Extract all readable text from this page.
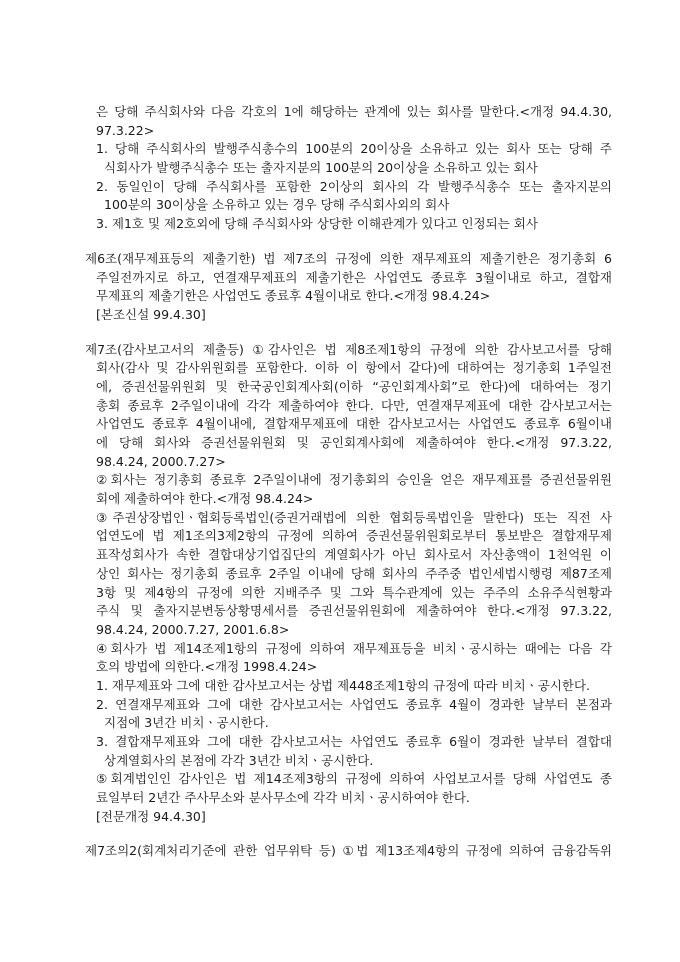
은 당해 주식회사와 다음 각호의 1에 해당하는 관계에 있는 회사를 말한다.<개정 94.4.30,
97.3.22>
1. 당해 주식회사의 발행주식총수의 100분의 20이상을 소유하고 있는 회사 또는 당해 주
식회사가 발행주식총수 또는 출자지분의 100분의 20이상을 소유하고 있는 회사
2. 동일인이 당해 주식회사를 포함한 2이상의 회사의 각 발행주식총수 또는 출자지분의
100분의 30이상을 소유하고 있는 경우 당해 주식회사외의 회사
3. 제1호 및 제2호외에 당해 주식회사와 상당한 이해관계가 있다고 인정되는 회사
제6조(재무제표등의 제출기한) 법 제7조의 규정에 의한 재무제표의 제출기한은 정기총회 6
주일전까지로 하고, 연결재무제표의 제출기한은 사업연도 종료후 3월이내로 하고, 결합재
무제표의 제출기한은 사업연도 종료후 4월이내로 한다.<개정 98.4.24>
[본조신설 99.4.30]
제7조(감사보고서의 제출등) ①감사인은 법 제8조제1항의 규정에 의한 감사보고서를 당해
회사(감사 및 감사위원회를 포함한다. 이하 이 항에서 같다)에 대하여는 정기총회 1주일전
에, 증권선물위원회 및 한국공인회계사회(이하 “공인회계사회”로 한다)에 대하여는 정기
총회 종료후 2주일이내에 각각 제출하여야 한다. 다만, 연결재무제표에 대한 감사보고서는
사업연도 종료후 4월이내에, 결합재무제표에 대한 감사보고서는 사업연도 종료후 6월이내
에 당해 회사와 증권선물위원회 및 공인회계사회에 제출하여야 한다.<개정 97.3.22,
98.4.24, 2000.7.27>
②회사는 정기총회 종료후 2주일이내에 정기총회의 승인을 얻은 재무제표를 증권선물위원
회에 제출하여야 한다.<개정 98.4.24>
③주권상장법인ㆍ협회등록법인(증권거래법에 의한 협회등록법인을 말한다) 또는 직전 사
업연도에 법 제1조의3제2항의 규정에 의하여 증권선물위원회로부터 통보받은 결합재무제
표작성회사가 속한 결합대상기업집단의 계열회사가 아닌 회사로서 자산총액이 1천억원 이
상인 회사는 정기총회 종료후 2주일 이내에 당해 회사의 주주중 법인세법시행령 제87조제
3항 및 제4항의 규정에 의한 지배주주 및 그와 특수관계에 있는 주주의 소유주식현황과
주식 및 출자지분변동상황명세서를 증권선물위원회에 제출하여야 한다.<개정 97.3.22,
98.4.24, 2000.7.27, 2001.6.8>
④회사가 법 제14조제1항의 규정에 의하여 재무제표등을 비치ㆍ공시하는 때에는 다음 각
호의 방법에 의한다.<개정 1998.4.24>
1. 재무제표와 그에 대한 감사보고서는 상법 제448조제1항의 규정에 따라 비치ㆍ공시한다.
2. 연결재무제표와 그에 대한 감사보고서는 사업연도 종료후 4월이 경과한 날부터 본점과
지점에 3년간 비치ㆍ공시한다.
3. 결합재무제표와 그에 대한 감사보고서는 사업연도 종료후 6월이 경과한 날부터 결합대
상계열회사의 본점에 각각 3년간 비치ㆍ공시한다.
⑤회계법인인 감사인은 법 제14조제3항의 규정에 의하여 사업보고서를 당해 사업연도 종
료일부터 2년간 주사무소와 분사무소에 각각 비치ㆍ공시하여야 한다.
[전문개정 94.4.30]
제7조의2(회계처리기준에 관한 업무위탁 등) ①법 제13조제4항의 규정에 의하여 금융감독위
